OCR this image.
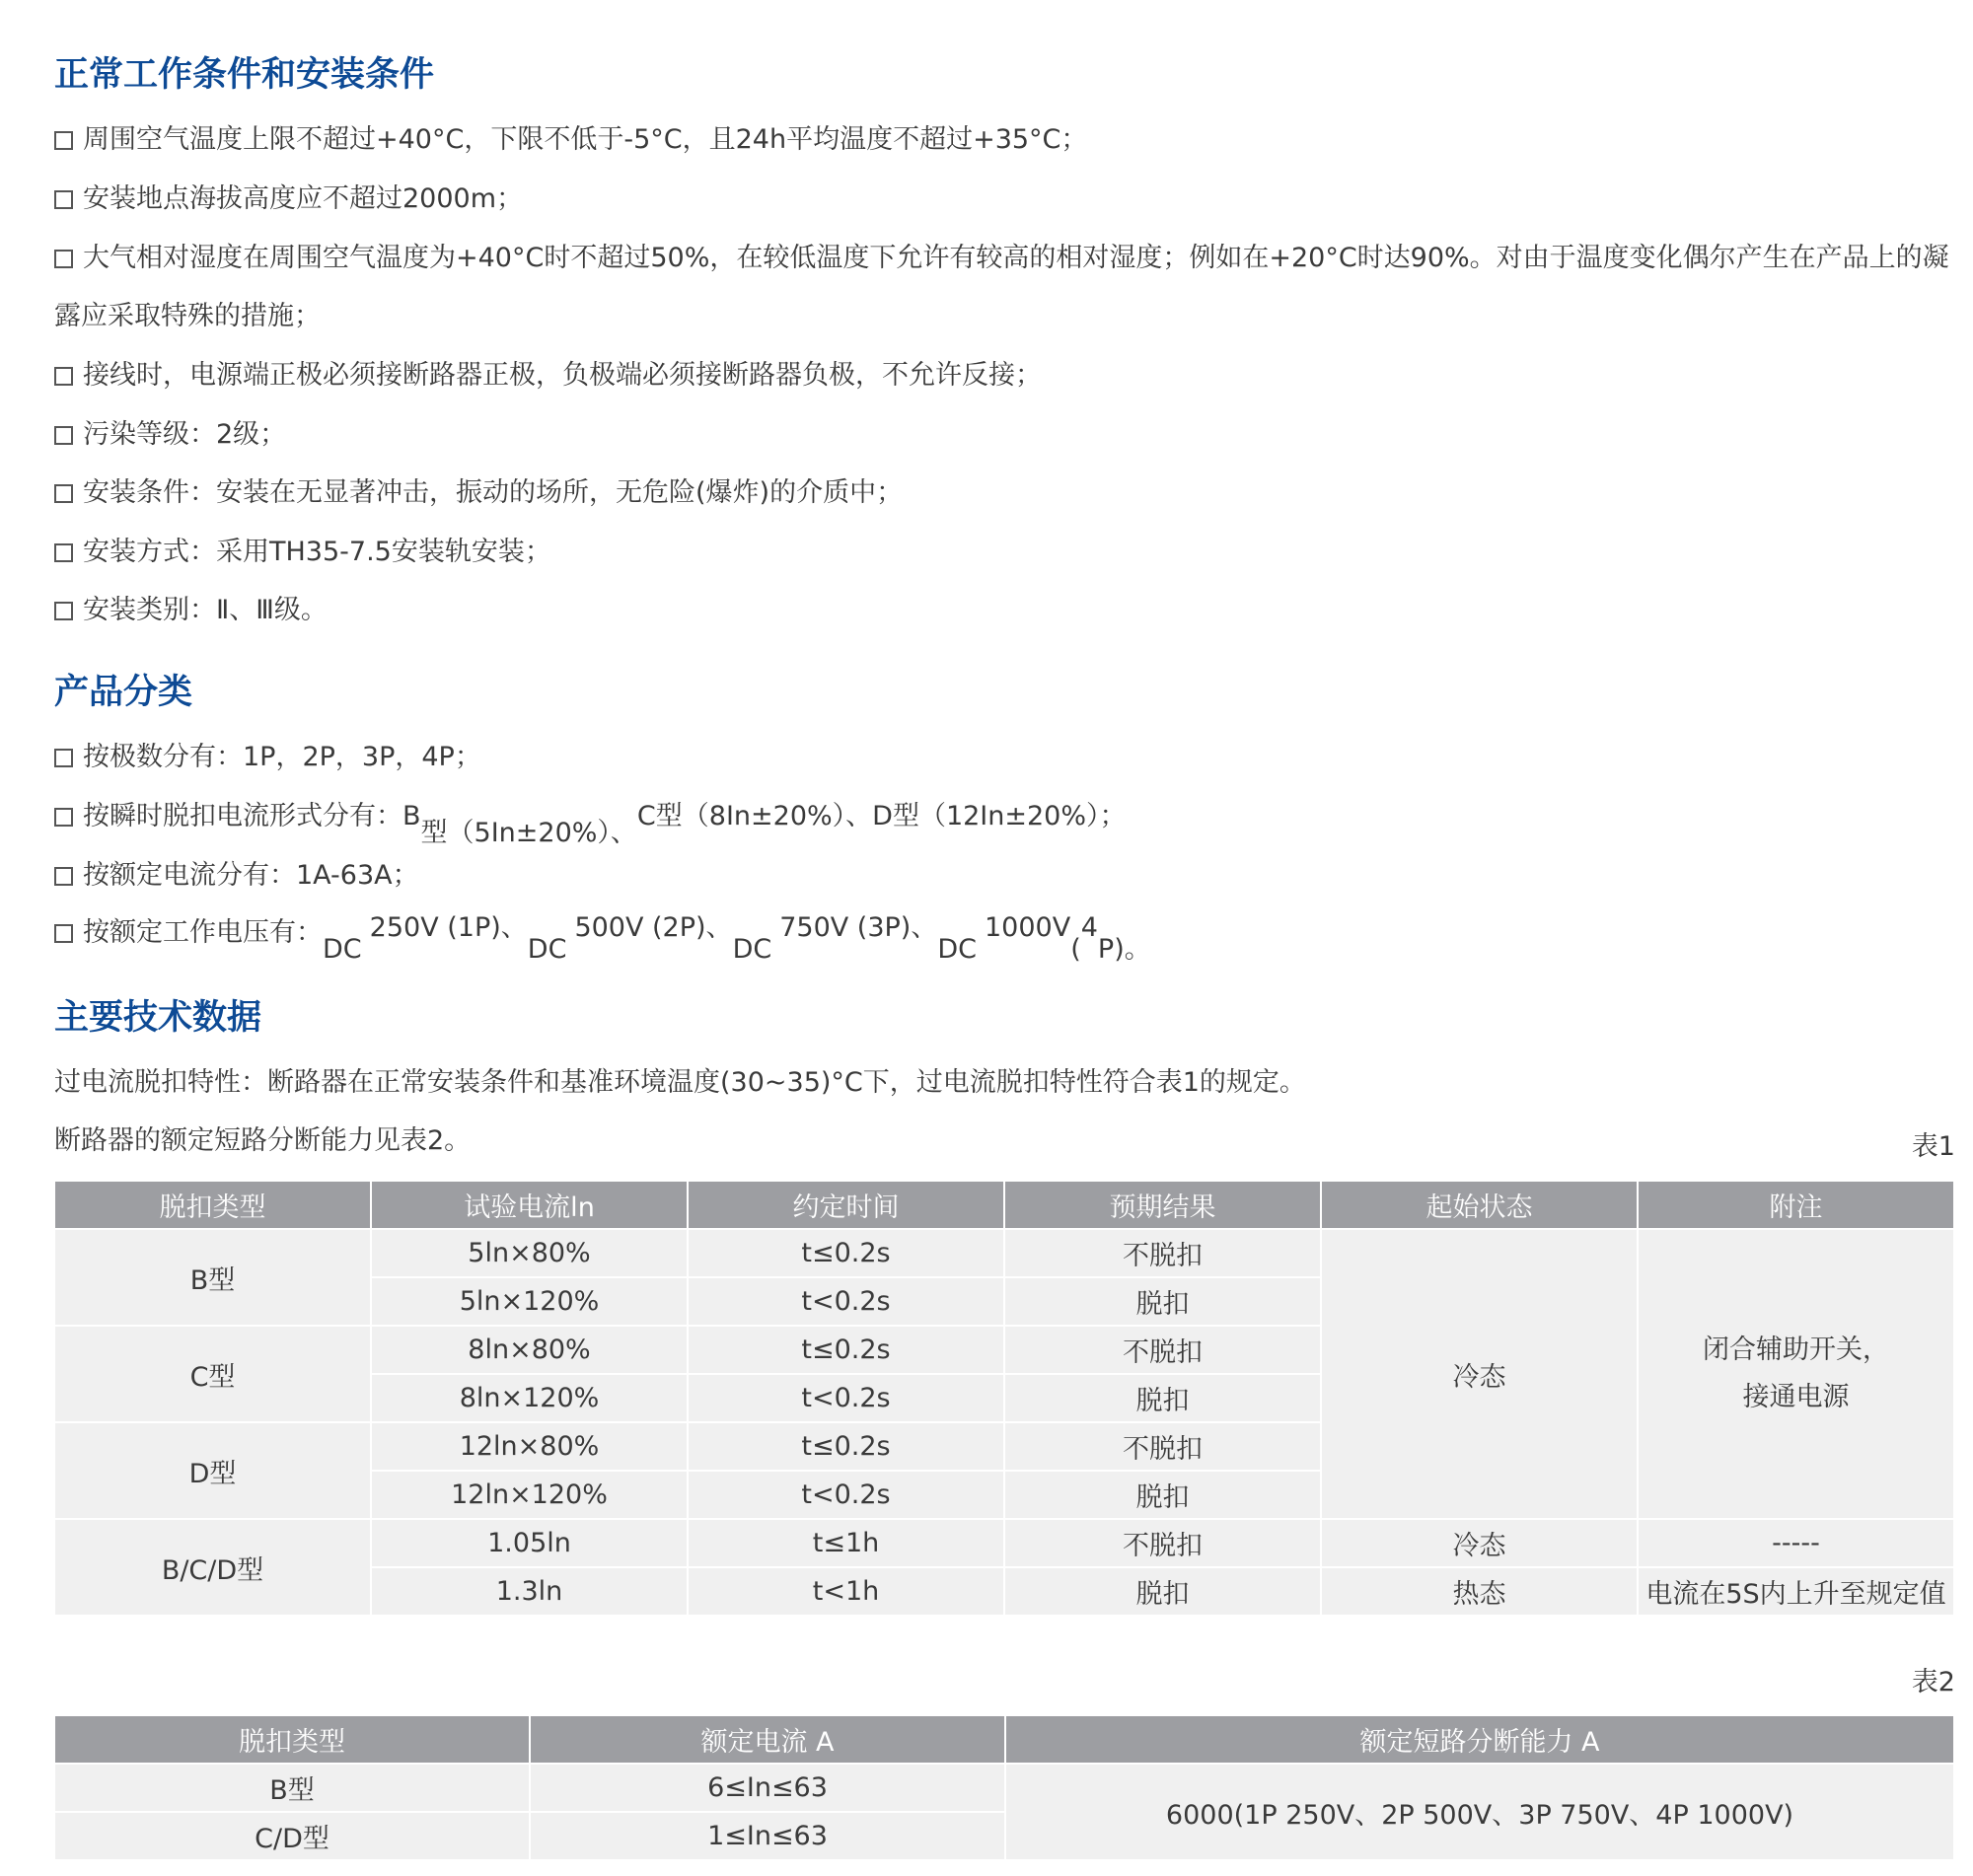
正常工作条件和安装条件

周围空气温度上限不超过+40°C，下限不低于-5°C，且24h平均温度不超过+35°C；

安装地点海拔高度应不超过2000m；

大气相对湿度在周围空气温度为+40°C时不超过50%，在较低温度下允许有较高的相对湿度；例如在+20°C时达90%。对由于温度变化偶尔产生在产品上的凝露应采取特殊的措施；

接线时，电源端正极必须接断路器正极，负极端必须接断路器负极，不允许反接；

污染等级：2级；

安装条件：安装在无显著冲击，振动的场所，无危险(爆炸)的介质中；

安装方式：采用TH35-7.5安装轨安装；

安装类别：Ⅱ、Ⅲ级。

产品分类

按极数分有：1P，2P，3P，4P；

按瞬时脱扣电流形式分有：B型（5In±20%）、C型（8In±20%）、D型（12In±20%）；

按额定电流分有：1A-63A；

按额定工作电压有：DC250V (1P)、DC500V (2P)、DC750V (3P)、DC1000V(4P)。

主要技术数据

过电流脱扣特性：断路器在正常安装条件和基准环境温度(30~35)°C下，过电流脱扣特性符合表1的规定。

断路器的额定短路分断能力见表2。	表1
脱扣类型	试验电流ln	约定时间	预期结果	起始状态	附注
B型	5ln×80%	t≤0.2s	不脱扣	冷态	闭合辅助开关，
接通电源

	5ln×120%	t<0.2s	脱扣		
C型	8ln×80%	t≤0.2s	不脱扣		
	8ln×120%	t<0.2s	脱扣		
D型	12ln×80%	t≤0.2s	不脱扣		
	12ln×120%	t<0.2s	脱扣		
B/C/D型	1.05ln	t≤1h	不脱扣	冷态	-----
	1.3ln	t<1h	脱扣	热态	电流在5S内上升至规定值
表2
脱扣类型	额定电流 A	额定短路分断能力 A
B型	6≤In≤63	6000(1P 250V、2P 500V、3P 750V、4P 1000V)
C/D型	1≤In≤63	
